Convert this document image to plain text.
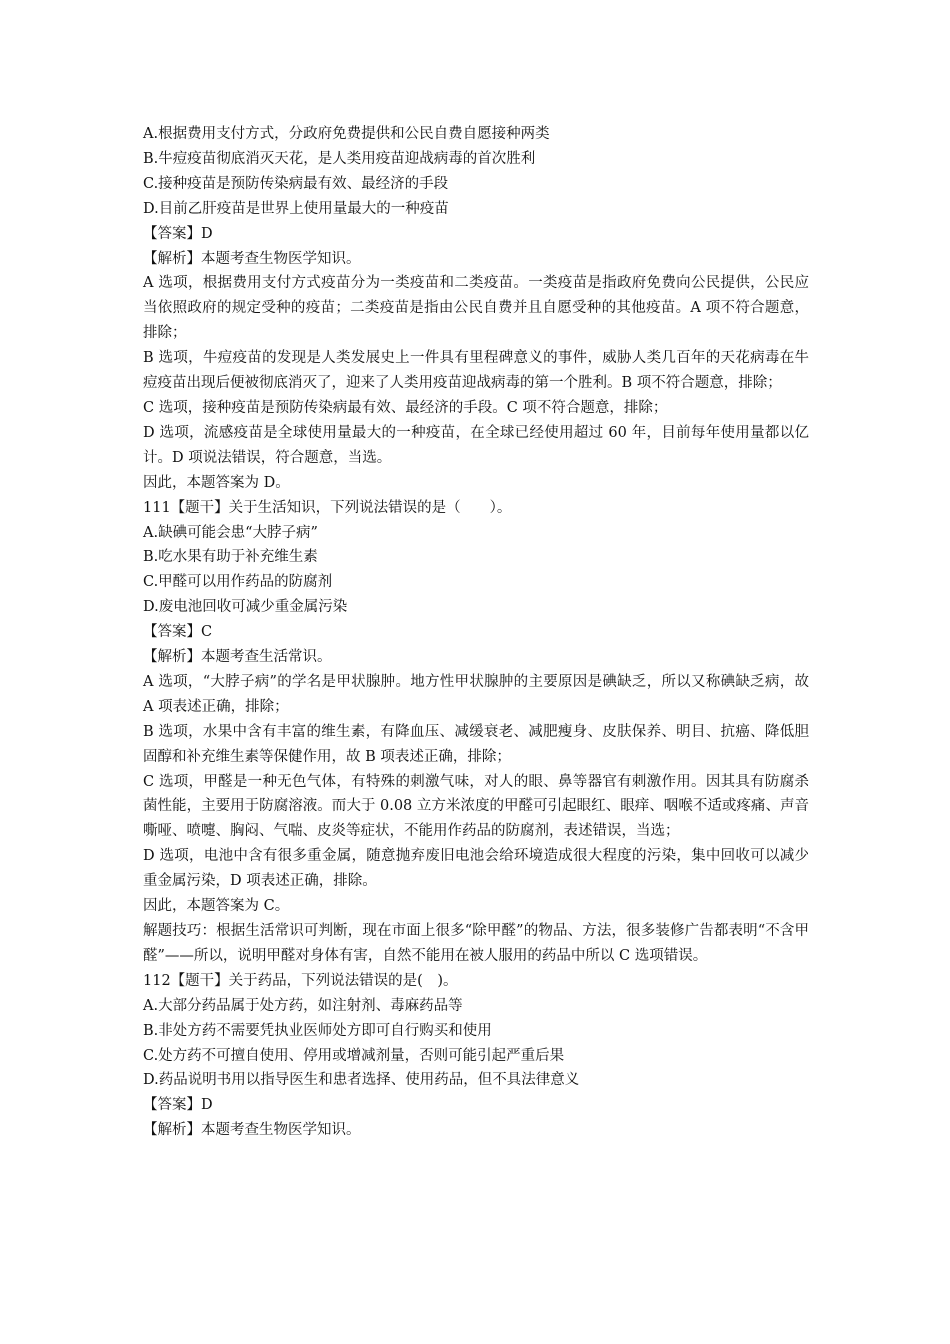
A.根据费用支付方式，分政府免费提供和公民自费自愿接种两类

B.牛痘疫苗彻底消灭天花，是人类用疫苗迎战病毒的首次胜利

C.接种疫苗是预防传染病最有效、最经济的手段

D.目前乙肝疫苗是世界上使用量最大的一种疫苗

【答案】D

【解析】本题考查生物医学知识。

A 选项，根据费用支付方式疫苗分为一类疫苗和二类疫苗。一类疫苗是指政府免费向公民提供，公民应当依照政府的规定受种的疫苗；二类疫苗是指由公民自费并且自愿受种的其他疫苗。A 项不符合题意，排除；

B 选项，牛痘疫苗的发现是人类发展史上一件具有里程碑意义的事件，威胁人类几百年的天花病毒在牛痘疫苗出现后便被彻底消灭了，迎来了人类用疫苗迎战病毒的第一个胜利。B 项不符合题意，排除；

C 选项，接种疫苗是预防传染病最有效、最经济的手段。C 项不符合题意，排除；

D 选项，流感疫苗是全球使用量最大的一种疫苗，在全球已经使用超过 60 年，目前每年使用量都以亿计。D 项说法错误，符合题意，当选。

因此，本题答案为 D。

111【题干】关于生活知识，下列说法错误的是（　　）。

A.缺碘可能会患“大脖子病”

B.吃水果有助于补充维生素

C.甲醛可以用作药品的防腐剂

D.废电池回收可减少重金属污染

【答案】C

【解析】本题考查生活常识。

A 选项，“大脖子病”的学名是甲状腺肿。地方性甲状腺肿的主要原因是碘缺乏，所以又称碘缺乏病，故 A 项表述正确，排除；

B 选项，水果中含有丰富的维生素，有降血压、减缓衰老、减肥瘦身、皮肤保养、明目、抗癌、降低胆固醇和补充维生素等保健作用，故 B 项表述正确，排除；

C 选项，甲醛是一种无色气体，有特殊的刺激气味，对人的眼、鼻等器官有刺激作用。因其具有防腐杀菌性能，主要用于防腐溶液。而大于 0.08 立方米浓度的甲醛可引起眼红、眼痒、咽喉不适或疼痛、声音嘶哑、喷嚏、胸闷、气喘、皮炎等症状，不能用作药品的防腐剂，表述错误，当选；

D 选项，电池中含有很多重金属，随意抛弃废旧电池会给环境造成很大程度的污染，集中回收可以减少重金属污染，D 项表述正确，排除。

因此，本题答案为 C。

解题技巧：根据生活常识可判断，现在市面上很多“除甲醛”的物品、方法，很多装修广告都表明“不含甲醛”——所以，说明甲醛对身体有害，自然不能用在被人服用的药品中所以 C 选项错误。

112【题干】关于药品，下列说法错误的是(　)。

A.大部分药品属于处方药，如注射剂、毒麻药品等

B.非处方药不需要凭执业医师处方即可自行购买和使用

C.处方药不可擅自使用、停用或增减剂量，否则可能引起严重后果

D.药品说明书用以指导医生和患者选择、使用药品，但不具法律意义

【答案】D

【解析】本题考查生物医学知识。
